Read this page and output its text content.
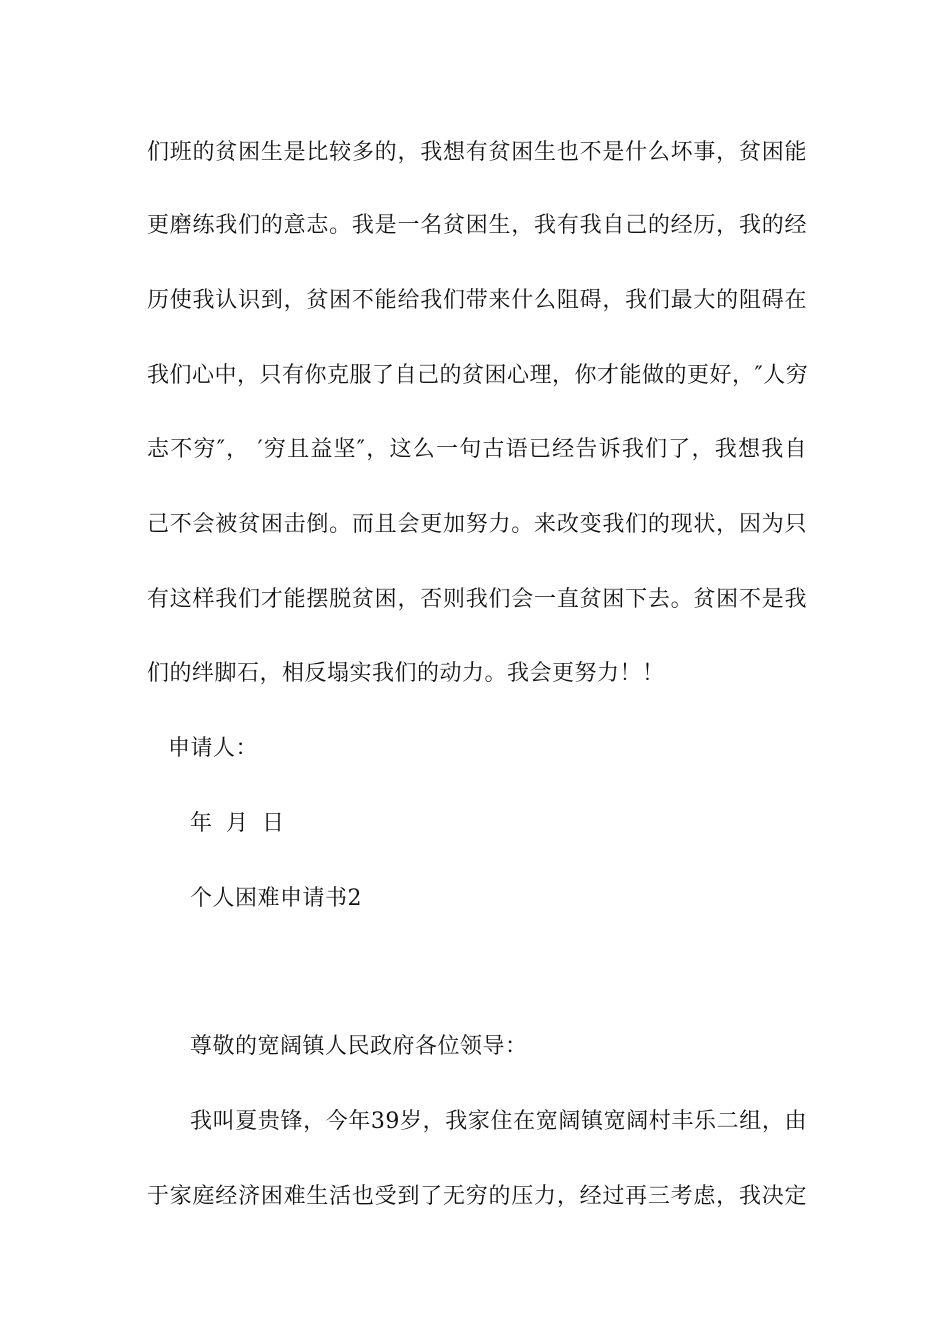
们班的贫困生是比较多的，我想有贫困生也不是什么坏事，贫困能
更磨练我们的意志。我是一名贫困生，我有我自己的经历，我的经
历使我认识到，贫困不能给我们带来什么阻碍，我们最大的阻碍在
我们心中，只有你克服了自己的贫困心理，你才能做的更好，″人穷
志不穷″， ′穷且益坚″，这么一句古语已经告诉我们了，我想我自
己不会被贫困击倒。而且会更加努力。来改变我们的现状，因为只
有这样我们才能摆脱贫困，否则我们会一直贫困下去。贫困不是我
们的绊脚石，相反塌实我们的动力。我会更努力！！
申请人：
年 月 日
个人困难申请书2
尊敬的宽阔镇人民政府各位领导：
我叫夏贵锋，今年39岁，我家住在宽阔镇宽阔村丰乐二组，由
于家庭经济困难生活也受到了无穷的压力，经过再三考虑，我决定
